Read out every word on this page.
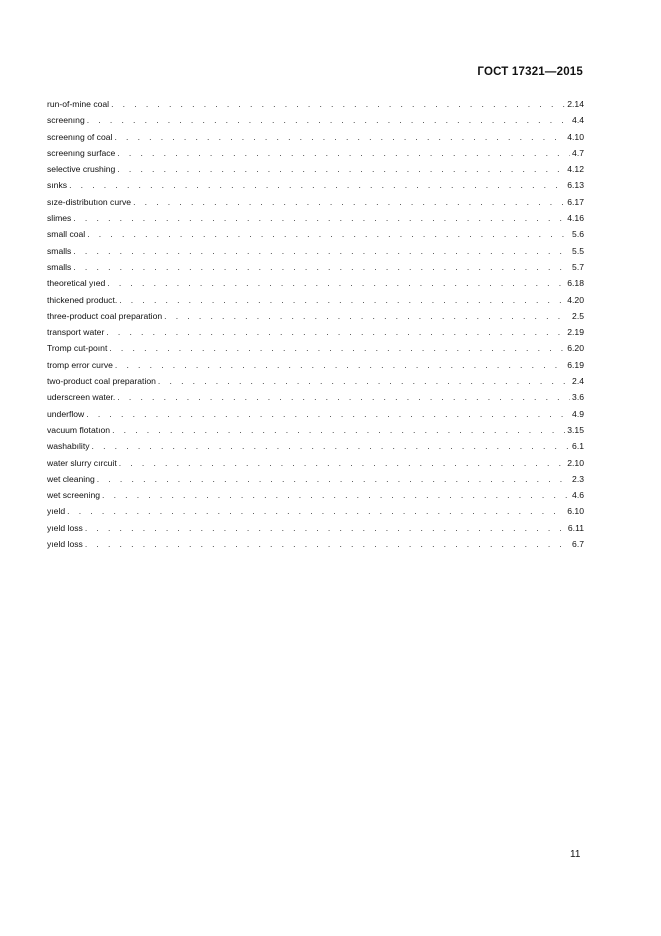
ГОСТ 17321—2015
run-of-mine coal . . .	2.14
screenıng . . .	4.4
screenıng of coal . . .	4.10
screenıng surface . . .	4.7
selective crushing . . .	4.12
sınks . . .	6.13
sıze-distributıon curve . . .	6.17
slimes . . .	4.16
small coal . . .	5.6
smalls . . .	5.5
smalls . . .	5.7
theoretical yıed . . .	6.18
thickened product. . . .	4.20
three-product coal preparation . . .	2.5
transport water . . .	2.19
Tromp cut-poınt . . .	6.20
tromp error curve . . .	6.19
two-product coal preparation . . .	2.4
uderscreen water. . . .	3.6
underflow . . .	4.9
vacuum flotatıon . . .	3.15
washabılity . . .	6.1
water slurry cırcuit . . .	2.10
wet cleaning . . .	2.3
wet screening . . .	4.6
yıeld . . .	6.10
yıeld loss . . .	6.11
yıeld loss . . .	6.7
11
